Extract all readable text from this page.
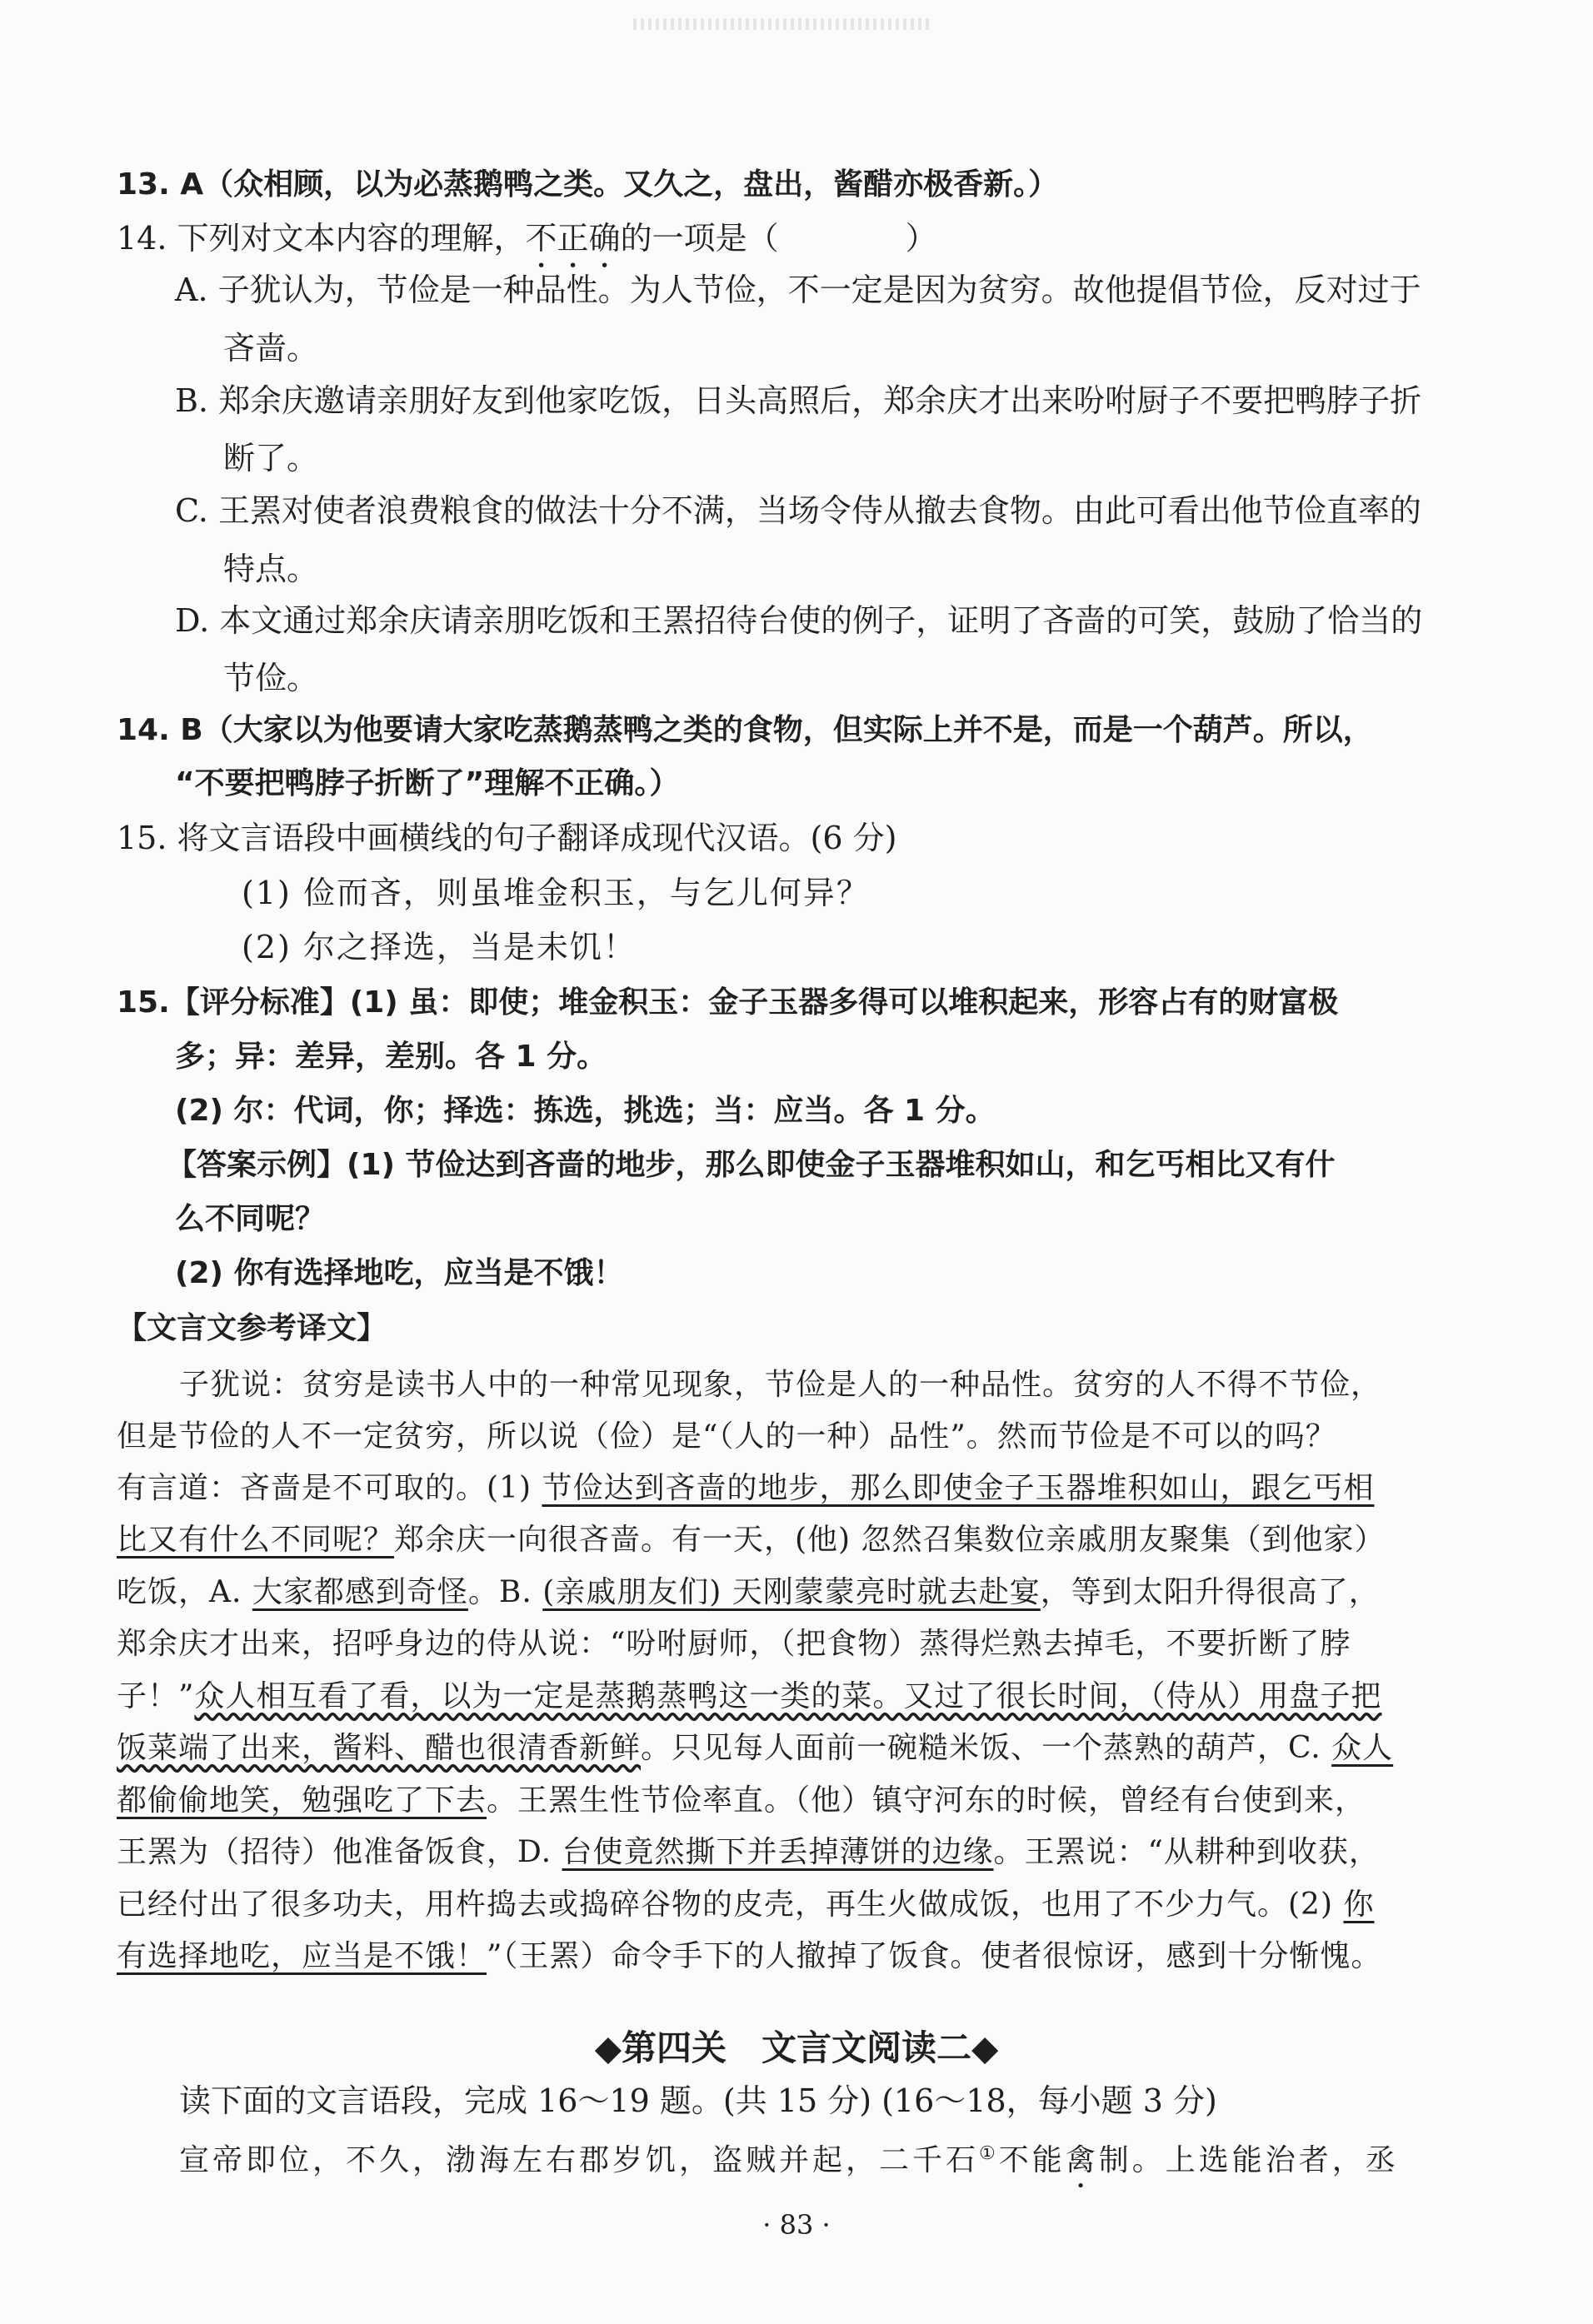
13. A（众相顾，以为必蒸鹅鸭之类。又久之，盘出，酱醋亦极香新。）
14. 下列对文本内容的理解，不正确的一项是（　　　　）
A. 子犹认为，节俭是一种品性。为人节俭，不一定是因为贫穷。故他提倡节俭，反对过于
吝啬。
B. 郑余庆邀请亲朋好友到他家吃饭，日头高照后，郑余庆才出来吩咐厨子不要把鸭脖子折
断了。
C. 王罴对使者浪费粮食的做法十分不满，当场令侍从撤去食物。由此可看出他节俭直率的
特点。
D. 本文通过郑余庆请亲朋吃饭和王罴招待台使的例子，证明了吝啬的可笑，鼓励了恰当的
节俭。
14. B（大家以为他要请大家吃蒸鹅蒸鸭之类的食物，但实际上并不是，而是一个葫芦。所以，
“不要把鸭脖子折断了”理解不正确。）
15. 将文言语段中画横线的句子翻译成现代汉语。(6 分)
(1) 俭而吝，则虽堆金积玉，与乞儿何异？
(2) 尔之择选，当是未饥！
15.【评分标准】(1) 虽：即使；堆金积玉：金子玉器多得可以堆积起来，形容占有的财富极
多；异：差异，差别。各 1 分。
(2) 尔：代词，你；择选：拣选，挑选；当：应当。各 1 分。
【答案示例】(1) 节俭达到吝啬的地步，那么即使金子玉器堆积如山，和乞丐相比又有什
么不同呢？
(2) 你有选择地吃，应当是不饿！
【文言文参考译文】
子犹说：贫穷是读书人中的一种常见现象，节俭是人的一种品性。贫穷的人不得不节俭，
但是节俭的人不一定贫穷，所以说（俭）是“（人的一种）品性”。然而节俭是不可以的吗？
有言道：吝啬是不可取的。(1) 节俭达到吝啬的地步，那么即使金子玉器堆积如山，跟乞丐相
比又有什么不同呢？郑余庆一向很吝啬。有一天，(他) 忽然召集数位亲戚朋友聚集（到他家）
吃饭，A. 大家都感到奇怪。B. (亲戚朋友们) 天刚蒙蒙亮时就去赴宴，等到太阳升得很高了，
郑余庆才出来，招呼身边的侍从说：“吩咐厨师，（把食物）蒸得烂熟去掉毛，不要折断了脖
子！”众人相互看了看，以为一定是蒸鹅蒸鸭这一类的菜。又过了很长时间，（侍从）用盘子把
饭菜端了出来，酱料、醋也很清香新鲜。只见每人面前一碗糙米饭、一个蒸熟的葫芦，C. 众人
都偷偷地笑，勉强吃了下去。王罴生性节俭率直。（他）镇守河东的时候，曾经有台使到来，
王罴为（招待）他准备饭食，D. 台使竟然撕下并丢掉薄饼的边缘。王罴说：“从耕种到收获，
已经付出了很多功夫，用杵捣去或捣碎谷物的皮壳，再生火做成饭，也用了不少力气。(2) 你
有选择地吃，应当是不饿！”（王罴）命令手下的人撤掉了饭食。使者很惊讶，感到十分惭愧。
◆第四关　文言文阅读二◆
读下面的文言语段，完成 16～19 题。(共 15 分) (16～18，每小题 3 分)
宣帝即位，不久，渤海左右郡岁饥，盗贼并起，二千石①不能禽制。上选能治者，丞
· 83 ·
